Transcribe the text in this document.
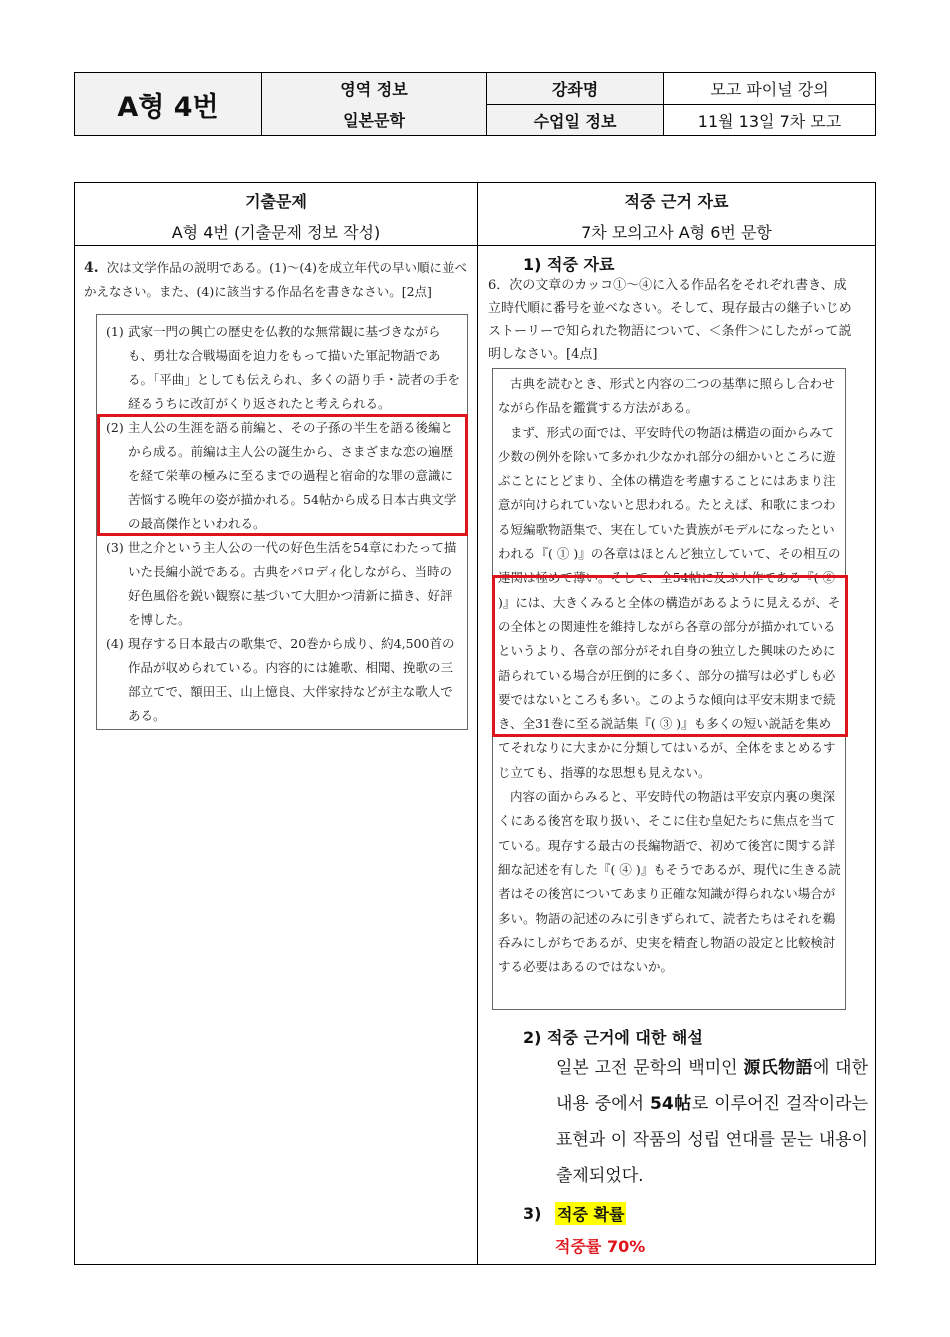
A형 4번
영역 정보
일본문학
강좌명
수업일 정보
모고 파이널 강의
11월 13일 7차 모고
기출문제
A형 4번 (기출문제 정보 작성)
적중 근거 자료
7차 모의고사 A형 6번 문항
4. 次は文学作品の説明である。(1)～(4)を成立年代の早い順に並べかえなさい。また、(4)に該当する作品名を書きなさい。[2点]
(1) 武家一門の興亡の歴史を仏教的な無常観に基づきながらも、勇壮な合戦場面を迫力をもって描いた軍記物語である。「平曲」としても伝えられ、多くの語り手・読者の手を経るうちに改訂がくり返されたと考えられる。
(2) 主人公の生涯を語る前編と、その子孫の半生を語る後編とから成る。前編は主人公の誕生から、さまざまな恋の遍歴を経て栄華の極みに至るまでの過程と宿命的な罪の意識に苦悩する晩年の姿が描かれる。54帖から成る日本古典文学の最高傑作といわれる。
(3) 世之介という主人公の一代の好色生活を54章にわたって描いた長編小説である。古典をパロディ化しながら、当時の好色風俗を鋭い観察に基づいて大胆かつ清新に描き、好評を博した。
(4) 現存する日本最古の歌集で、20巻から成り、約4,500首の作品が収められている。内容的には雑歌、相聞、挽歌の三部立てで、額田王、山上憶良、大伴家持などが主な歌人である。
1) 적중 자료
6．次の文章のカッコ①～④に入る作品名をそれぞれ書き、成立時代順に番号を並べなさい。そして、現存最古の継子いじめストーリーで知られた物語について、＜条件＞にしたがって説明しなさい。[4点]

古典を読むとき、形式と内容の二つの基準に照らし合わせながら作品を鑑賞する方法がある。

まず、形式の面では、平安時代の物語は構造の面からみて少数の例外を除いて多かれ少なかれ部分の細かいところに遊ぶことにとどまり、全体の構造を考慮することにはあまり注意が向けられていないと思われる。たとえば、和歌にまつわる短編歌物語集で、実在していた貴族がモデルになったといわれる『( ① )』の各章はほとんど独立していて、その相互の連関は極めて薄い。そして、全54帖に及ぶ大作である『( ② )』には、大きくみると全体の構造があるように見えるが、その全体との関連性を維持しながら各章の部分が描かれているというより、各章の部分がそれ自身の独立した興味のために語られている場合が圧倒的に多く、部分の描写は必ずしも必要ではないところも多い。このような傾向は平安末期まで続き、全31巻に至る説話集『( ③ )』も多くの短い説話を集めてそれなりに大まかに分類してはいるが、全体をまとめるすじ立ても、指導的な思想も見えない。

内容の面からみると、平安時代の物語は平安京内裏の奥深くにある後宮を取り扱い、そこに住む皇妃たちに焦点を当てている。現存する最古の長編物語で、初めて後宮に関する詳細な記述を有した『( ④ )』もそうであるが、現代に生きる読者はその後宮についてあまり正確な知識が得られない場合が多い。物語の記述のみに引きずられて、読者たちはそれを鵜呑みにしがちであるが、史実を精査し物語の設定と比較検討する必要はあるのではないか。

2) 적중 근거에 대한 해설
일본 고전 문학의 백미인 源氏物語에 대한 내용 중에서 54帖로 이루어진 걸작이라는 표현과 이 작품의 성립 연대를 묻는 내용이 출제되었다.
3) 적중 확률
적중률 70%
